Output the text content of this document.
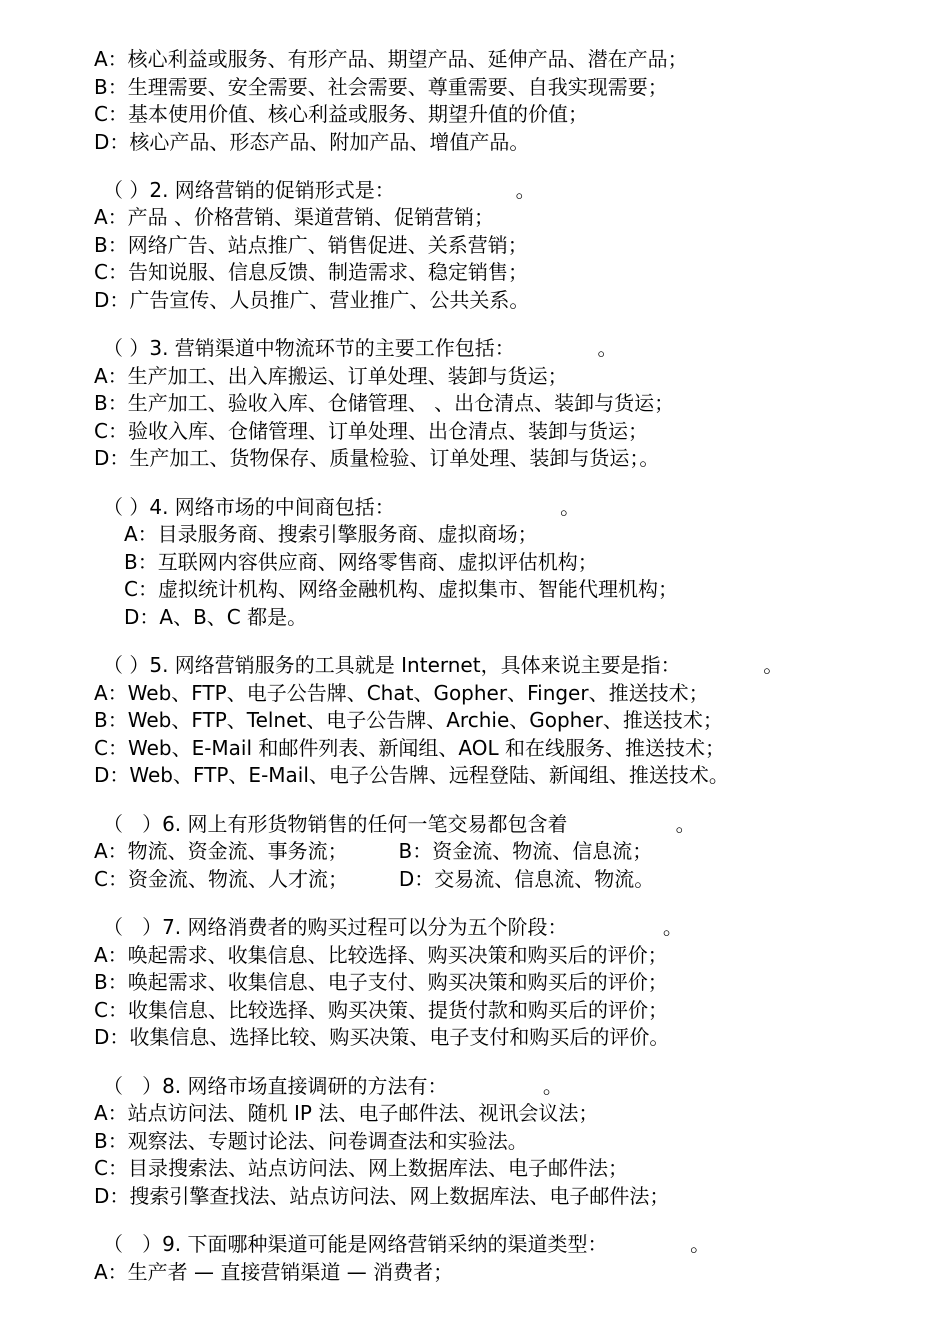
A：核心利益或服务、有形产品、期望产品、延伸产品、潜在产品；
B：生理需要、安全需要、社会需要、尊重需要、自我实现需要；
C：基本使用价值、核心利益或服务、期望升值的价值；
D：核心产品、形态产品、附加产品、增值产品。
（ ）2. 网络营销的促销形式是：                   。
A：产品 、价格营销、渠道营销、促销营销；
B：网络广告、站点推广、销售促进、关系营销；
C：告知说服、信息反馈、制造需求、稳定销售；
D：广告宣传、人员推广、营业推广、公共关系。
（ ）3. 营销渠道中物流环节的主要工作包括：             。
A：生产加工、出入库搬运、订单处理、装卸与货运；
B：生产加工、验收入库、仓储管理、 、出仓清点、装卸与货运；
C：验收入库、仓储管理、订单处理、出仓清点、装卸与货运；
D：生产加工、货物保存、质量检验、订单处理、装卸与货运；。
（ ）4. 网络市场的中间商包括：                          。
A：目录服务商、搜索引擎服务商、虚拟商场；
B：互联网内容供应商、网络零售商、虚拟评估机构；
C：虚拟统计机构、网络金融机构、虚拟集市、智能代理机构；
D：A、B、C 都是。
（ ）5. 网络营销服务的工具就是 Internet，具体来说主要是指：             。
A：Web、FTP、电子公告牌、Chat、Gopher、Finger、推送技术；
B：Web、FTP、Telnet、电子公告牌、Archie、Gopher、推送技术；
C：Web、E-Mail 和邮件列表、新闻组、AOL 和在线服务、推送技术；
D：Web、FTP、E-Mail、电子公告牌、远程登陆、新闻组、推送技术。
（   ）6. 网上有形货物销售的任何一笔交易都包含着                 。
A：物流、资金流、事务流；        B：资金流、物流、信息流；
C：资金流、物流、人才流；        D：交易流、信息流、物流。
（   ）7. 网络消费者的购买过程可以分为五个阶段：               。
A：唤起需求、收集信息、比较选择、购买决策和购买后的评价；
B：唤起需求、收集信息、电子支付、购买决策和购买后的评价；
C：收集信息、比较选择、购买决策、提货付款和购买后的评价；
D：收集信息、选择比较、购买决策、电子支付和购买后的评价。
（   ）8. 网络市场直接调研的方法有：               。
A：站点访问法、随机 IP 法、电子邮件法、视讯会议法；
B：观察法、专题讨论法、问卷调查法和实验法。
C：目录搜索法、站点访问法、网上数据库法、电子邮件法；
D：搜索引擎查找法、站点访问法、网上数据库法、电子邮件法；
（   ）9. 下面哪种渠道可能是网络营销采纳的渠道类型：             。
A：生产者 — 直接营销渠道 — 消费者；
